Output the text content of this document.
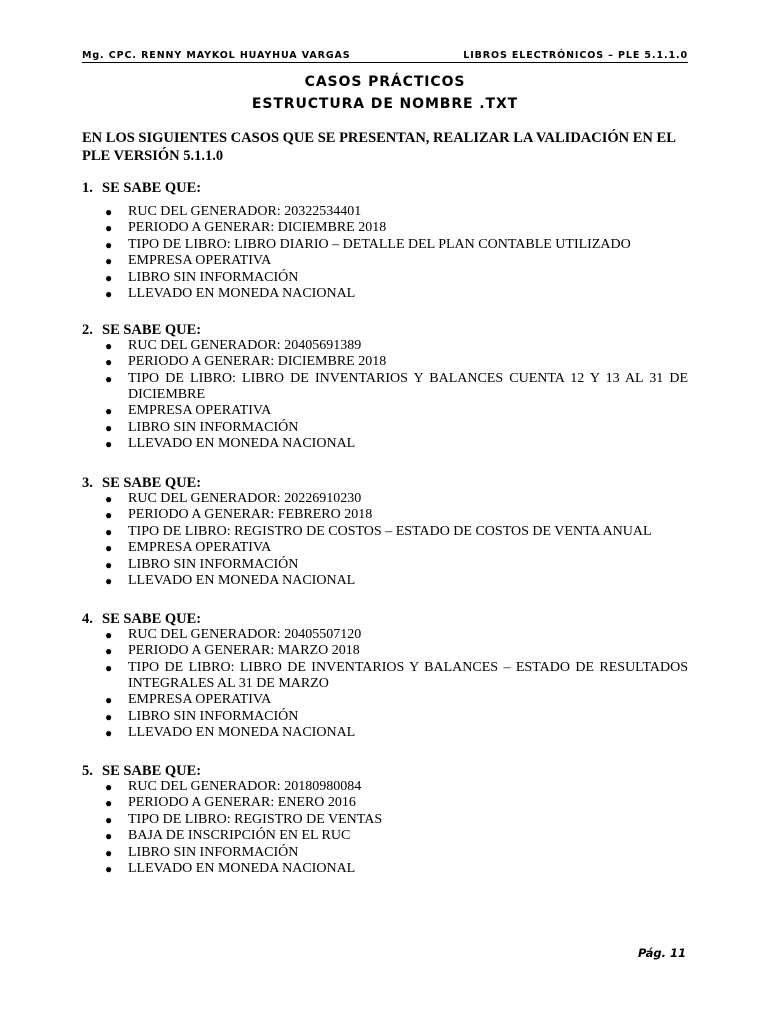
Mg. CPC. RENNY MAYKOL HUAYHUA VARGAS	LIBROS ELECTRÓNICOS – PLE 5.1.1.0
CASOS PRÁCTICOS
ESTRUCTURA DE NOMBRE .TXT
EN LOS SIGUIENTES CASOS QUE SE PRESENTAN, REALIZAR LA VALIDACIÓN EN EL PLE VERSIÓN 5.1.1.0
1. SE SABE QUE:
● RUC DEL GENERADOR: 20322534401
● PERIODO A GENERAR: DICIEMBRE 2018
● TIPO DE LIBRO: LIBRO DIARIO – DETALLE DEL PLAN CONTABLE UTILIZADO
● EMPRESA OPERATIVA
● LIBRO SIN INFORMACIÓN
● LLEVADO EN MONEDA NACIONAL
2. SE SABE QUE:
● RUC DEL GENERADOR: 20405691389
● PERIODO A GENERAR: DICIEMBRE 2018
● TIPO DE LIBRO: LIBRO DE INVENTARIOS Y BALANCES CUENTA 12 Y 13 AL 31 DE DICIEMBRE
● EMPRESA OPERATIVA
● LIBRO SIN INFORMACIÓN
● LLEVADO EN MONEDA NACIONAL
3. SE SABE QUE:
● RUC DEL GENERADOR: 20226910230
● PERIODO A GENERAR: FEBRERO 2018
● TIPO DE LIBRO: REGISTRO DE COSTOS – ESTADO DE COSTOS DE VENTA ANUAL
● EMPRESA OPERATIVA
● LIBRO SIN INFORMACIÓN
● LLEVADO EN MONEDA NACIONAL
4. SE SABE QUE:
● RUC DEL GENERADOR: 20405507120
● PERIODO A GENERAR: MARZO 2018
● TIPO DE LIBRO: LIBRO DE INVENTARIOS Y BALANCES – ESTADO DE RESULTADOS INTEGRALES AL 31 DE MARZO
● EMPRESA OPERATIVA
● LIBRO SIN INFORMACIÓN
● LLEVADO EN MONEDA NACIONAL
5. SE SABE QUE:
● RUC DEL GENERADOR: 20180980084
● PERIODO A GENERAR: ENERO 2016
● TIPO DE LIBRO: REGISTRO DE VENTAS
● BAJA DE INSCRIPCIÓN EN EL RUC
● LIBRO SIN INFORMACIÓN
● LLEVADO EN MONEDA NACIONAL
Pág. 11
